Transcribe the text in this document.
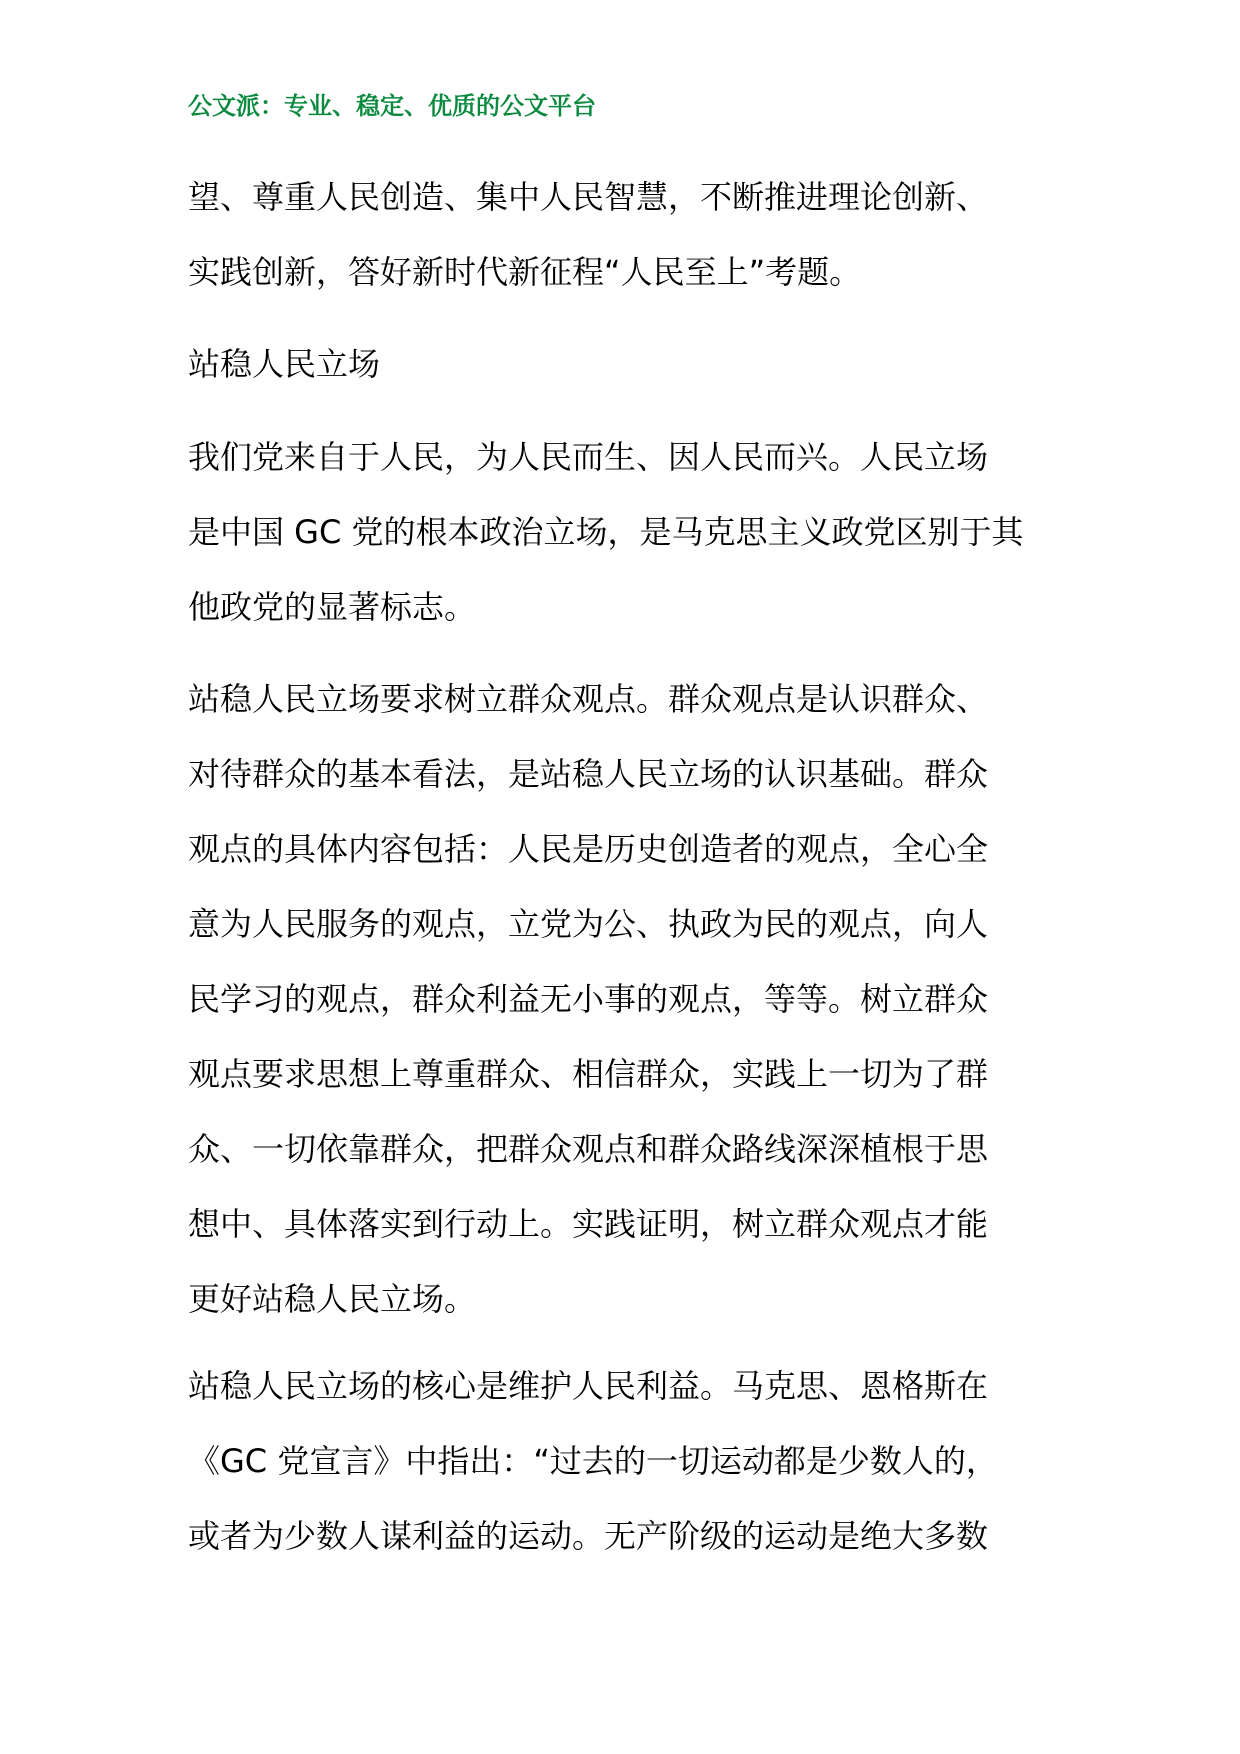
公文派：专业、稳定、优质的公文平台
望、尊重人民创造、集中人民智慧，不断推进理论创新、
实践创新，答好新时代新征程“人民至上”考题。
站稳人民立场
我们党来自于人民，为人民而生、因人民而兴。人民立场
是中国 GC 党的根本政治立场，是马克思主义政党区别于其
他政党的显著标志。
站稳人民立场要求树立群众观点。群众观点是认识群众、
对待群众的基本看法，是站稳人民立场的认识基础。群众
观点的具体内容包括：人民是历史创造者的观点，全心全
意为人民服务的观点，立党为公、执政为民的观点，向人
民学习的观点，群众利益无小事的观点，等等。树立群众
观点要求思想上尊重群众、相信群众，实践上一切为了群
众、一切依靠群众，把群众观点和群众路线深深植根于思
想中、具体落实到行动上。实践证明，树立群众观点才能
更好站稳人民立场。
站稳人民立场的核心是维护人民利益。马克思、恩格斯在
《GC 党宣言》中指出：“过去的一切运动都是少数人的，
或者为少数人谋利益的运动。无产阶级的运动是绝大多数
